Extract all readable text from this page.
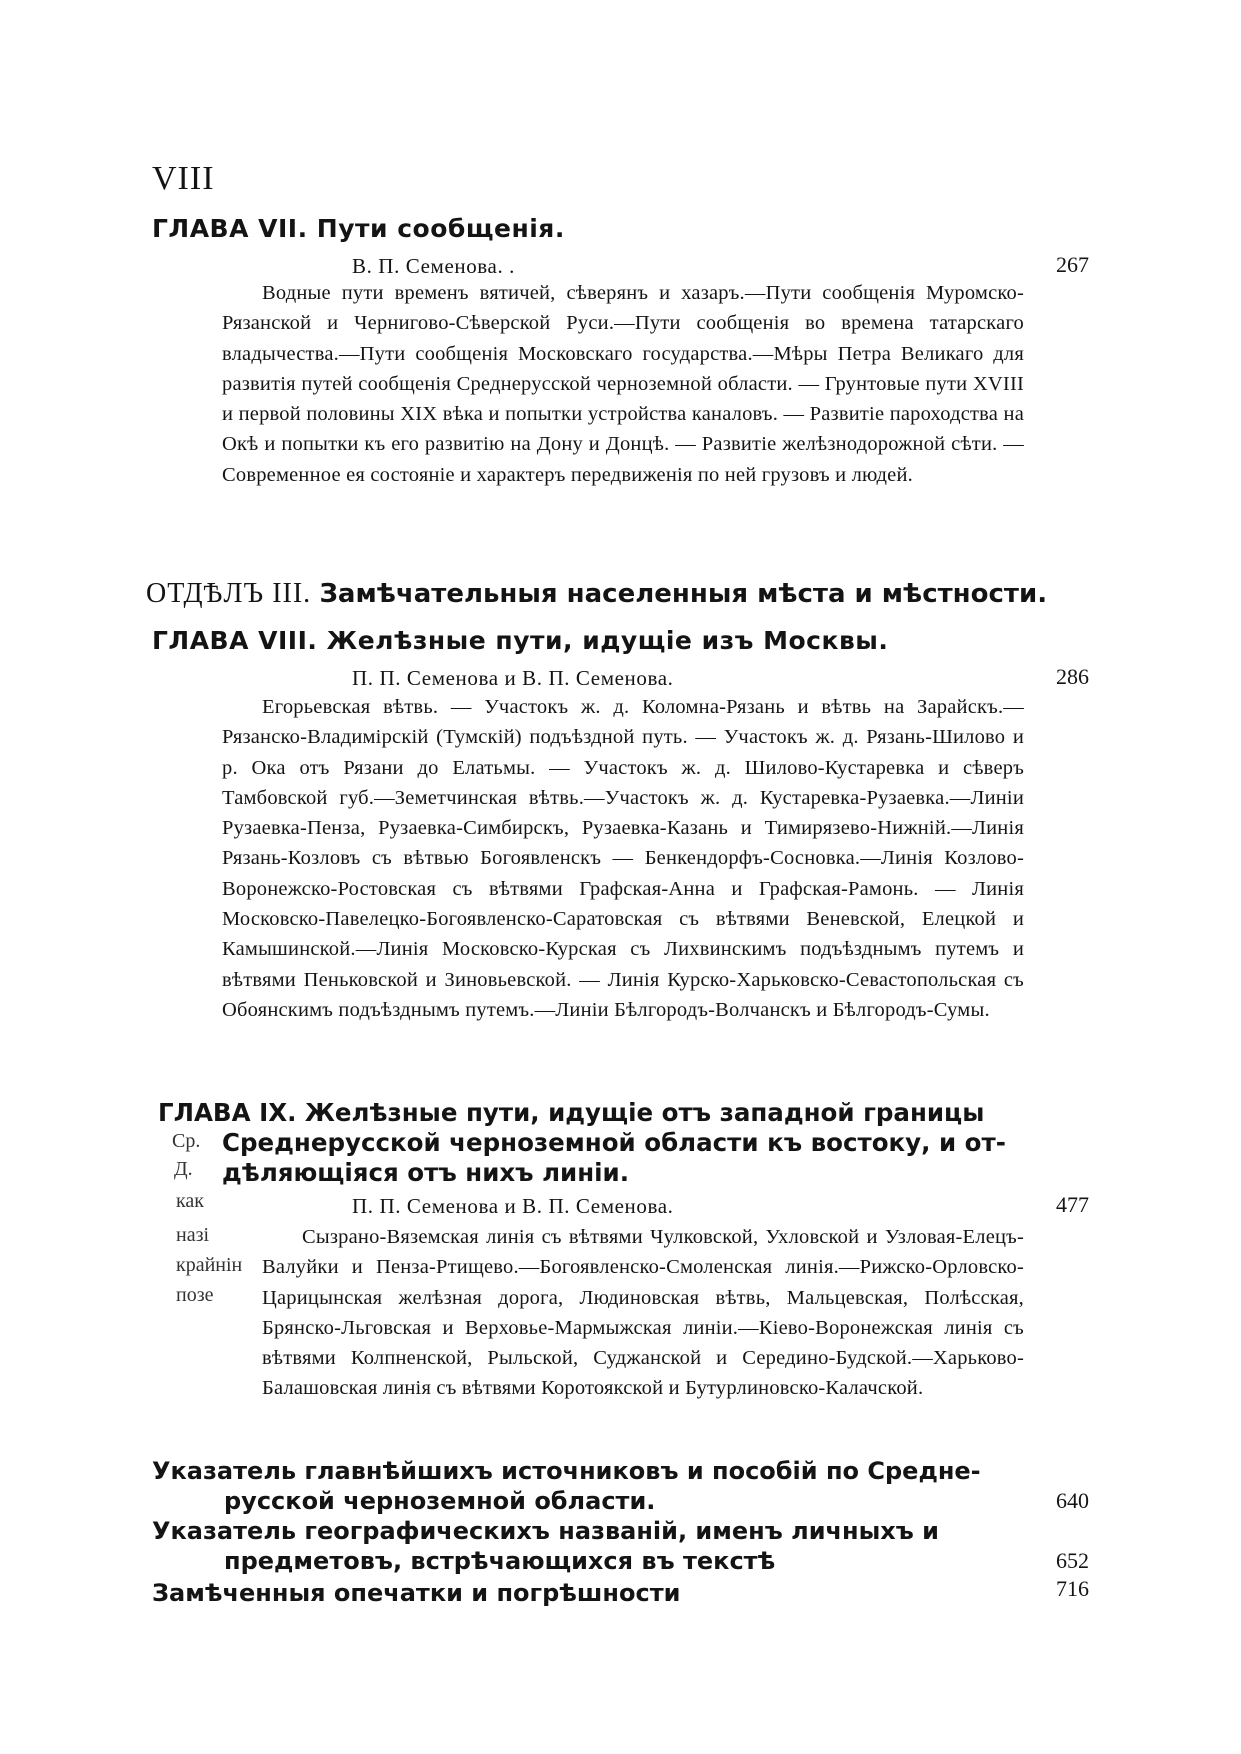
VIII
ГЛАВА VII. Пути сообщенія.
В. П. Семенова. .	267
Водные пути временъ вятичей, сѣверянъ и хазаръ.—Пути сообщенія Муромско-Рязанской и Черниговo-Сѣверской Руси.—Пути сообщенія во времена татарскаго владычества.—Пути сообщенія Московскаго государства.—Мѣры Петра Великаго для развитія путей сообщенія Среднерусской черноземной области. — Грунтовые пути XVIII и первой половины XIX вѣка и попытки устройства каналовъ. — Развитіе пароходства на Окѣ и попытки къ его развитію на Дону и Донцѣ. — Развитіе желѣзнодорожной сѣти. — Современное ея состояніе и характеръ передвиженія по ней грузовъ и людей.
ОТДѢЛЪ III. Замѣчательныя населенныя мѣста и мѣстности.
ГЛАВА VIII. Желѣзные пути, идущіе изъ Москвы.
П. П. Семенова и В. П. Семенова.	286
Егорьевская вѣтвь. — Участокъ ж. д. Коломна-Рязань и вѣтвь на Зарайскъ.—Рязанско-Владимірскій (Тумскій) подъѣздной путь. — Участокъ ж. д. Рязань-Шилово и р. Ока отъ Рязани до Елатьмы. — Участокъ ж. д. Шилово-Кустаревка и сѣверъ Тамбовской губ.—Земетчинская вѣтвь.—Участокъ ж. д. Кустаревка-Рузаевка.—Линіи Рузаевка-Пенза, Рузаевка-Симбирскъ, Рузаевка-Казань и Тимирязево-Нижній.—Линія Рязань-Козловъ съ вѣтвью Богоявленскъ — Бенкендорфъ-Сосновка.—Линія Козлово-Воронежско-Ростовская съ вѣтвями Графская-Анна и Графская-Рамонь. — Линія Московско-Павелецко-Богоявленско-Саратовская съ вѣтвями Веневской, Елецкой и Камышинской.—Линія Московско-Курская съ Лихвинскимъ подъѣзднымъ путемъ и вѣтвями Пеньковской и Зиновьевской. — Линія Курско-Харьковско-Севастопольская съ Обоянскимъ подъѣзднымъ путемъ.—Линіи Бѣлгородъ-Волчанскъ и Бѣлгородъ-Сумы.
ГЛАВА IX. Желѣзные пути, идущіе отъ западной границы
Среднерусской черноземной области къ востоку, и от-
дѣляющіяся отъ нихъ линіи.
Ср.
Д.
как
назі
крайнін
позе
П. П. Семенова и В. П. Семенова.	477
Сызрано-Вяземская линія съ вѣтвями Чулковской, Ухловской и Узловая-Елецъ-Валуйки и Пенза-Ртищево.—Богоявленско-Смоленская линія.—Рижско-Орловско-Царицынская желѣзная дорога, Людиновская вѣтвь, Мальцевская, Полѣсская, Брянско-Льговская и Верховье-Мармыжская линіи.—Кіево-Воронежская линія съ вѣтвями Колпненской, Рыльской, Суджанской и Середино-Будской.—Харьково-Балашовская линія съ вѣтвями Коротоякской и Бутурлиновско-Калачской.
Указатель главнѣйшихъ источниковъ и пособій по Средне-
русской черноземной области.	640
Указатель географическихъ названій, именъ личныхъ и
предметовъ, встрѣчающихся въ текстѣ	652
Замѣченныя опечатки и погрѣшности	716
